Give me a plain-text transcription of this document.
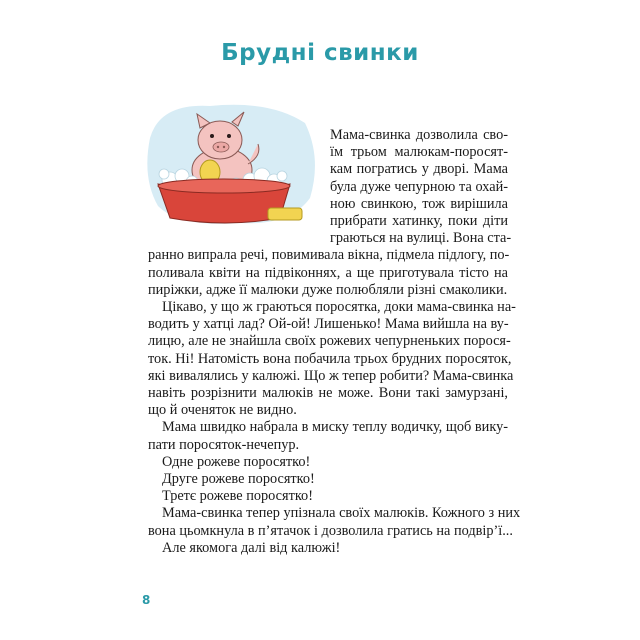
Брудні свинки
Мама-свинка дозволила сво-
їм трьом малюкам-поросят-
кам погратись у дворі. Мама
була дуже чепурною та охай-
ною свинкою, тож вирішила
прибрати хатинку, поки діти
граються на вулиці. Вона ста-
ранно випрала речі, повимивала вікна, підмела підлогу, по-
поливала квіти на підвіконнях, а ще приготувала тісто на
пиріжки, адже її малюки дуже полюбляли різні смаколики.
Цікаво, у що ж граються поросятка, доки мама-свинка на-
водить у хатці лад? Ой-ой! Лишенько! Мама вийшла на ву-
лицю, але не знайшла своїх рожевих чепурненьких порося-
ток. Ні! Натомість вона побачила трьох брудних поросяток,
які вивалялись у калюжі. Що ж тепер робити? Мама-свинка
навіть розрізнити малюків не може. Вони такі замурзані,
що й оченяток не видно.
Мама швидко набрала в миску теплу водичку, щоб вику-
пати поросяток-нечепур.
Одне рожеве поросятко!
Друге рожеве поросятко!
Третє рожеве поросятко!
Мама-свинка тепер упізнала своїх малюків. Кожного з них
вона цьомкнула в п’ятачок і дозволила гратись на подвір’ї...
Але якомога далі від калюжі!
8
